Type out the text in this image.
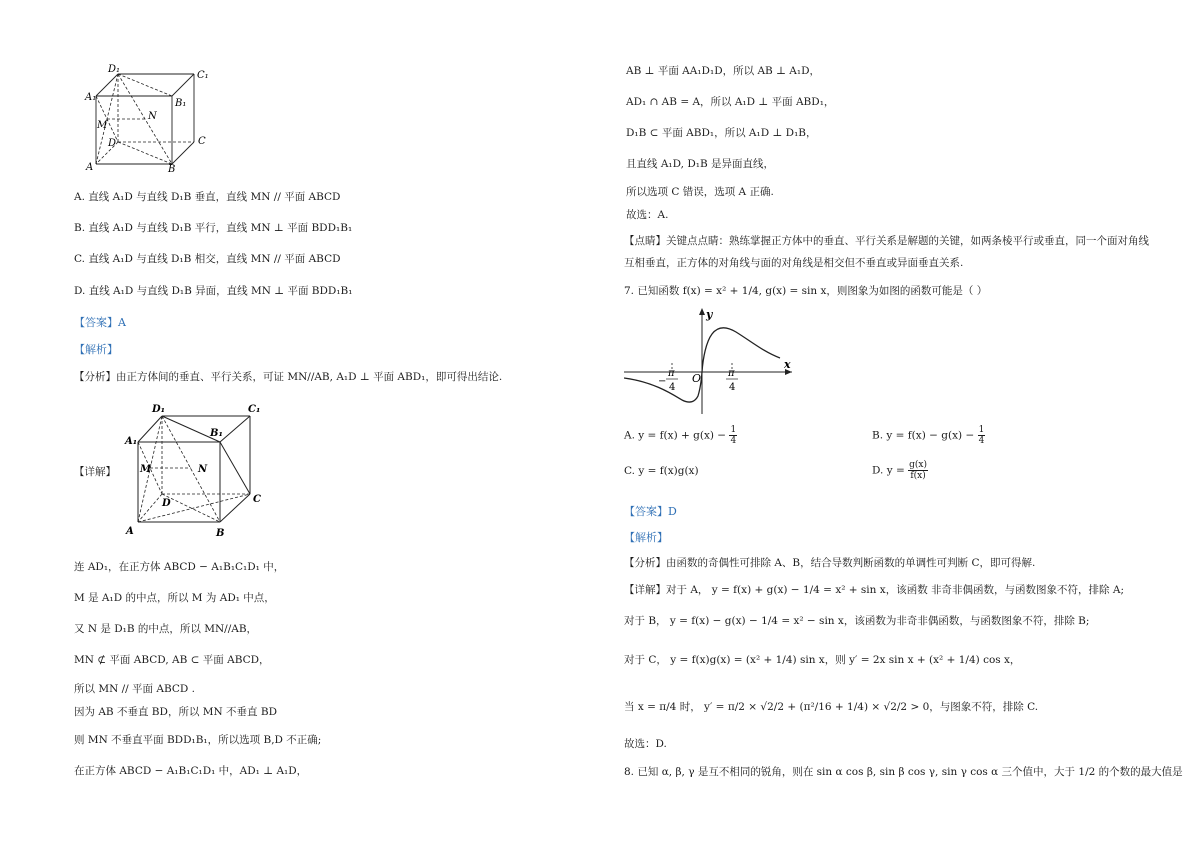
D₁
C₁
A₁
B₁
M
N
D	C
A	B
A. 直线 A₁D 与直线 D₁B 垂直，直线 MN // 平面 ABCD
B. 直线 A₁D 与直线 D₁B 平行，直线 MN ⊥ 平面 BDD₁B₁
C. 直线 A₁D 与直线 D₁B 相交，直线 MN // 平面 ABCD
D. 直线 A₁D 与直线 D₁B 异面，直线 MN ⊥ 平面 BDD₁B₁
【答案】A
【解析】
【分析】由正方体间的垂直、平行关系，可证 MN//AB, A₁D ⊥ 平面 ABD₁，即可得出结论.
【详解】
D₁	C₁
A₁
B₁
M	N
D	C
A	B
连 AD₁，在正方体 ABCD − A₁B₁C₁D₁ 中，
M 是 A₁D 的中点，所以 M 为 AD₁ 中点，
又 N 是 D₁B 的中点，所以 MN//AB，
MN ⊄ 平面 ABCD, AB ⊂ 平面 ABCD，
所以 MN // 平面 ABCD .
因为 AB 不垂直 BD，所以 MN 不垂直 BD
则 MN 不垂直平面 BDD₁B₁，所以选项 B,D 不正确;
在正方体 ABCD − A₁B₁C₁D₁ 中，AD₁ ⊥ A₁D，
AB ⊥ 平面 AA₁D₁D，所以 AB ⊥ A₁D，
AD₁ ∩ AB = A，所以 A₁D ⊥ 平面 ABD₁，
D₁B ⊂ 平面 ABD₁，所以 A₁D ⊥ D₁B，
且直线 A₁D, D₁B 是异面直线，
所以选项 C 错误，选项 A 正确.
故选：A.
【点睛】关键点点睛：熟练掌握正方体中的垂直、平行关系是解题的关键，如两条棱平行或垂直，同一个面对角线
互相垂直，正方体的对角线与面的对角线是相交但不垂直或异面垂直关系.
7. 已知函数 f(x) = x² + 1/4, g(x) = sin x，则图象为如图的函数可能是（ ）
y
x
O
−
π
4
π
4
A. $y = f(x) + g(x) - \frac{1}{4}$	B. $y = f(x) - g(x) - \frac{1}{4}$
C. y = f(x)g(x)	D. $y = \frac{g(x)}{f(x)}$
【答案】D
【解析】
【分析】由函数的奇偶性可排除 A、B，结合导数判断函数的单调性可判断 C，即可得解.
【详解】对于 A， y = f(x) + g(x) − 1/4 = x² + sin x，该函数 非奇非偶函数，与函数图象不符，排除 A;
对于 B， y = f(x) − g(x) − 1/4 = x² − sin x，该函数为非奇非偶函数，与函数图象不符，排除 B;
对于 C， y = f(x)g(x) = (x² + 1/4) sin x，则 y′ = 2x sin x + (x² + 1/4) cos x，
当 x = π/4 时， y′ = π/2 × √2/2 + (π²/16 + 1/4) × √2/2 > 0，与图象不符，排除 C.
故选：D.
8. 已知 α, β, γ 是互不相同的锐角，则在 sin α cos β, sin β cos γ, sin γ cos α 三个值中，大于 1/2 的个数的最大值是
